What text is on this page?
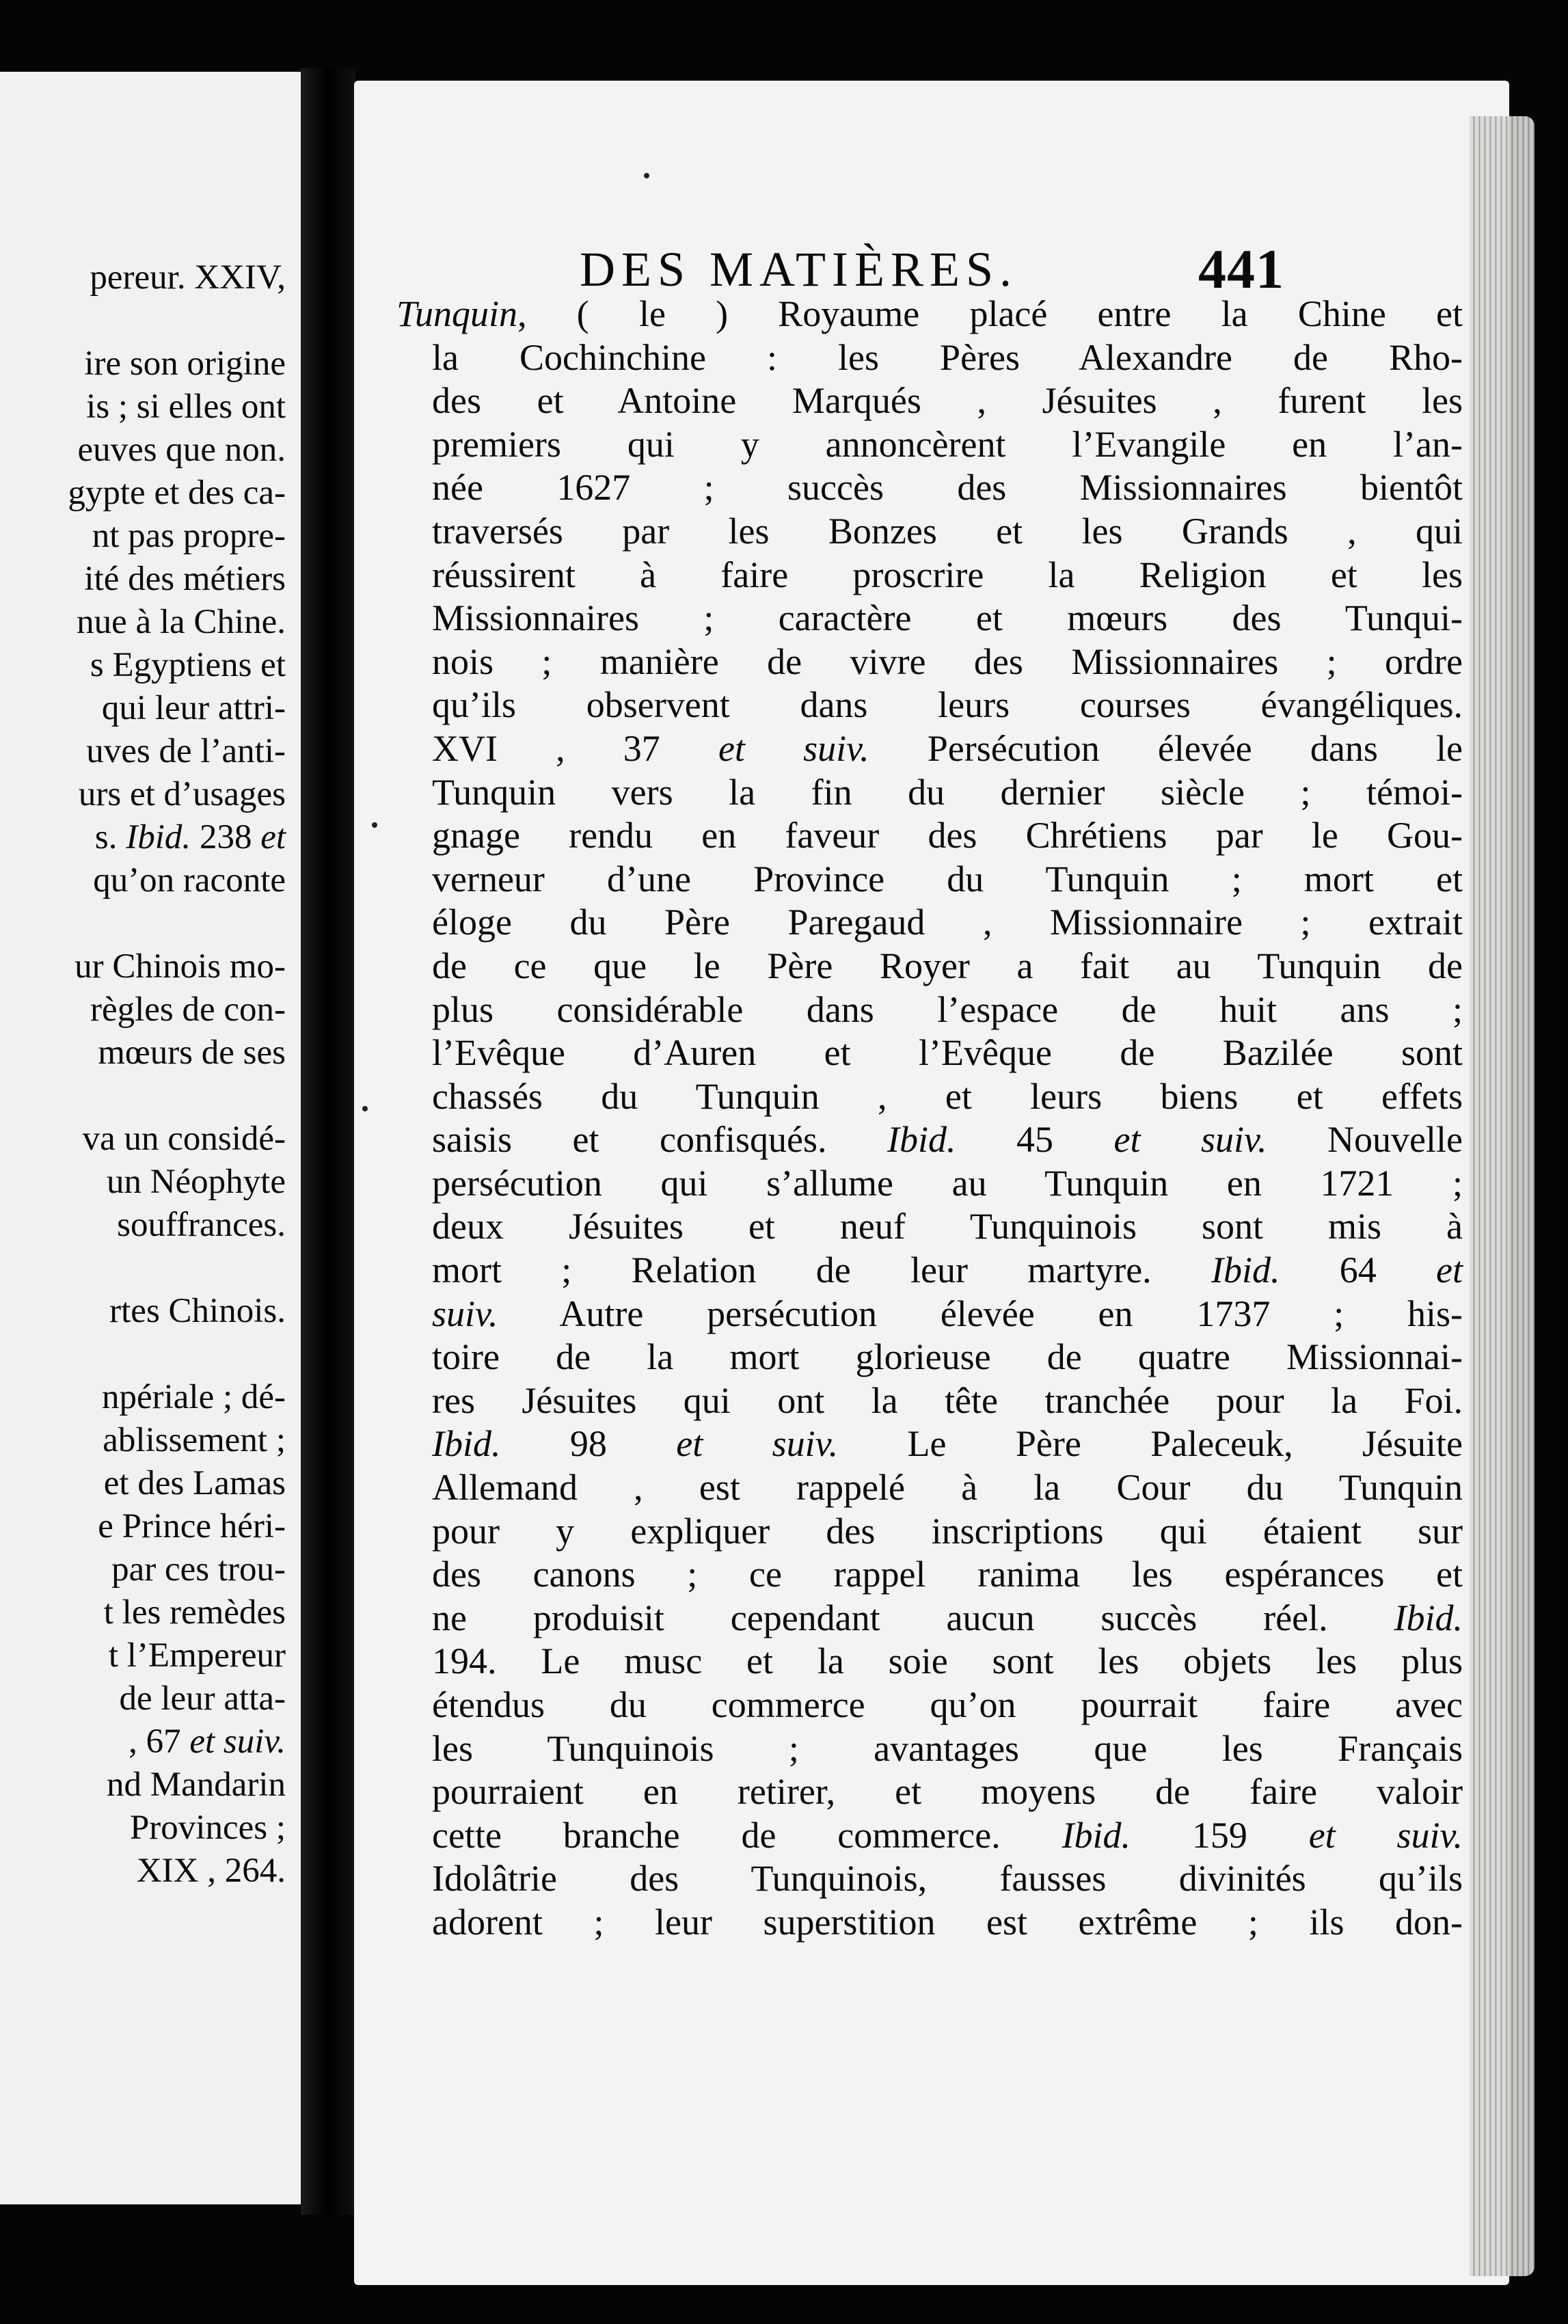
pereur. XXIV,
ire son origine
is ; si elles ont
euves que non.
gypte et des ca-
nt pas propre-
ité des métiers
nue à la Chine.
s Egyptiens et
qui leur attri-
uves de l’anti-
urs et d’usages
s. Ibid. 238 et
qu’on raconte
ur Chinois mo-
règles de con-
mœurs de ses
va un considé-
un Néophyte
souffrances.
rtes Chinois.
npériale ; dé-
ablissement ;
et des Lamas
e Prince héri-
par ces trou-
t les remèdes
t l’Empereur
de leur atta-
, 67 et suiv.
nd Mandarin
Provinces ;
XIX , 264.
DES MATIÈRES.	441
Tunquin, ( le ) Royaume placé entre la Chine et
la Cochinchine : les Pères Alexandre de Rho-
des et Antoine Marqués , Jésuites , furent les
premiers qui y annoncèrent l’Evangile en l’an-
née 1627 ; succès des Missionnaires bientôt
traversés par les Bonzes et les Grands , qui
réussirent à faire proscrire la Religion et les
Missionnaires ; caractère et mœurs des Tunqui-
nois ; manière de vivre des Missionnaires ; ordre
qu’ils observent dans leurs courses évangéliques.
XVI , 37 et suiv. Persécution élevée dans le
Tunquin vers la fin du dernier siècle ; témoi-
gnage rendu en faveur des Chrétiens par le Gou-
verneur d’une Province du Tunquin ; mort et
éloge du Père Paregaud , Missionnaire ; extrait
de ce que le Père Royer a fait au Tunquin de
plus considérable dans l’espace de huit ans ;
l’Evêque d’Auren et l’Evêque de Bazilée sont
chassés du Tunquin , et leurs biens et effets
saisis et confisqués. Ibid. 45 et suiv. Nouvelle
persécution qui s’allume au Tunquin en 1721 ;
deux Jésuites et neuf Tunquinois sont mis à
mort ; Relation de leur martyre. Ibid. 64 et
suiv. Autre persécution élevée en 1737 ; his-
toire de la mort glorieuse de quatre Missionnai-
res Jésuites qui ont la tête tranchée pour la Foi.
Ibid. 98 et suiv. Le Père Paleceuk, Jésuite
Allemand , est rappelé à la Cour du Tunquin
pour y expliquer des inscriptions qui étaient sur
des canons ; ce rappel ranima les espérances et
ne produisit cependant aucun succès réel. Ibid.
194. Le musc et la soie sont les objets les plus
étendus du commerce qu’on pourrait faire avec
les Tunquinois ; avantages que les Français
pourraient en retirer, et moyens de faire valoir
cette branche de commerce. Ibid. 159 et suiv.
Idolâtrie des Tunquinois, fausses divinités qu’ils
adorent ; leur superstition est extrême ; ils don-
